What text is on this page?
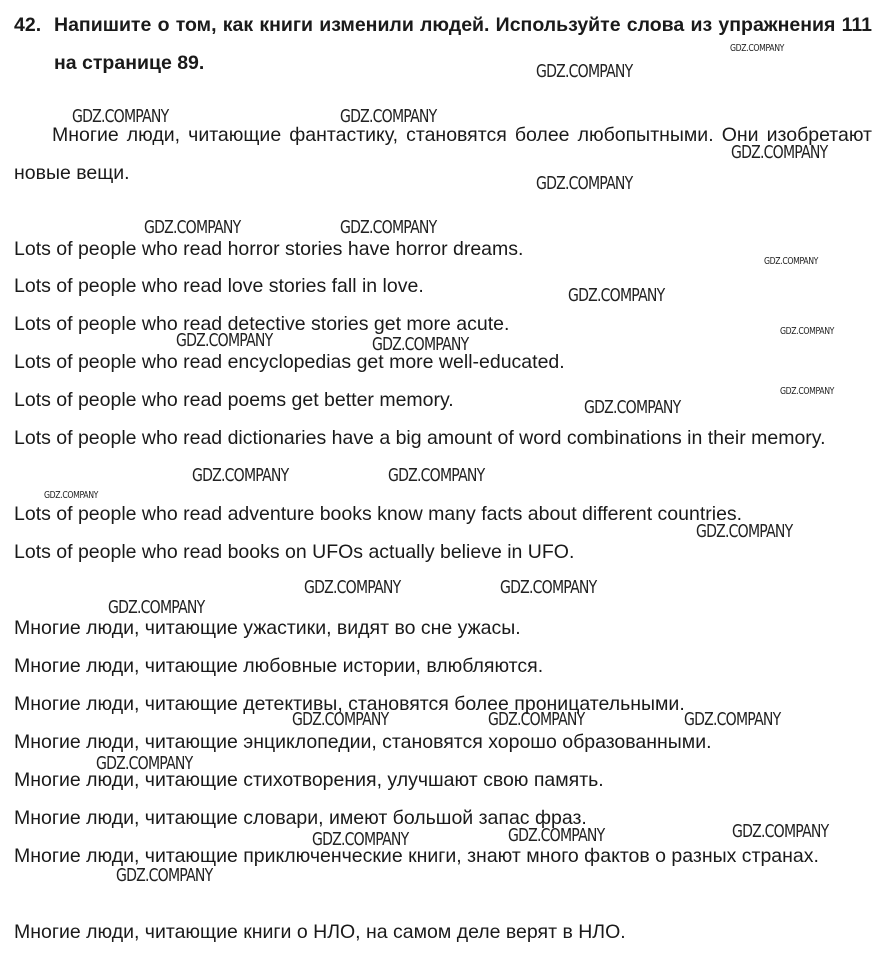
42. Напишите о том, как книги изменили людей. Используйте слова из упражнения 111 на странице 89.
Многие люди, читающие фантастику, становятся более любопытными. Они изобретают новые вещи.
Lots of people who read horror stories have horror dreams.
Lots of people who read love stories fall in love.
Lots of people who read detective stories get more acute.
Lots of people who read encyclopedias get more well-educated.
Lots of people who read poems get better memory.
Lots of people who read dictionaries have a big amount of word combinations in their memory.
Lots of people who read adventure books know many facts about different countries.
Lots of people who read books on UFOs actually believe in UFO.
Многие люди, читающие ужастики, видят во сне ужасы.
Многие люди, читающие любовные истории, влюбляются.
Многие люди, читающие детективы, становятся более проницательными.
Многие люди, читающие энциклопедии, становятся хорошо образованными.
Многие люди, читающие стихотворения, улучшают свою память.
Многие люди, читающие словари, имеют большой запас фраз.
Многие люди, читающие приключенческие книги, знают много фактов о разных странах.
Многие люди, читающие книги о НЛО, на самом деле верят в НЛО.
GDZ.COMPANY
GDZ.COMPANY
GDZ.COMPANY	GDZ.COMPANY
GDZ.COMPANY
GDZ.COMPANY
GDZ.COMPANY	GDZ.COMPANY
GDZ.COMPANY
GDZ.COMPANY
GDZ.COMPANY
GDZ.COMPANY	GDZ.COMPANY
GDZ.COMPANY
GDZ.COMPANY
GDZ.COMPANY	GDZ.COMPANY
GDZ.COMPANY
GDZ.COMPANY
GDZ.COMPANY	GDZ.COMPANY
GDZ.COMPANY
GDZ.COMPANY	GDZ.COMPANY	GDZ.COMPANY
GDZ.COMPANY
GDZ.COMPANY
GDZ.COMPANY
GDZ.COMPANY
GDZ.COMPANY
